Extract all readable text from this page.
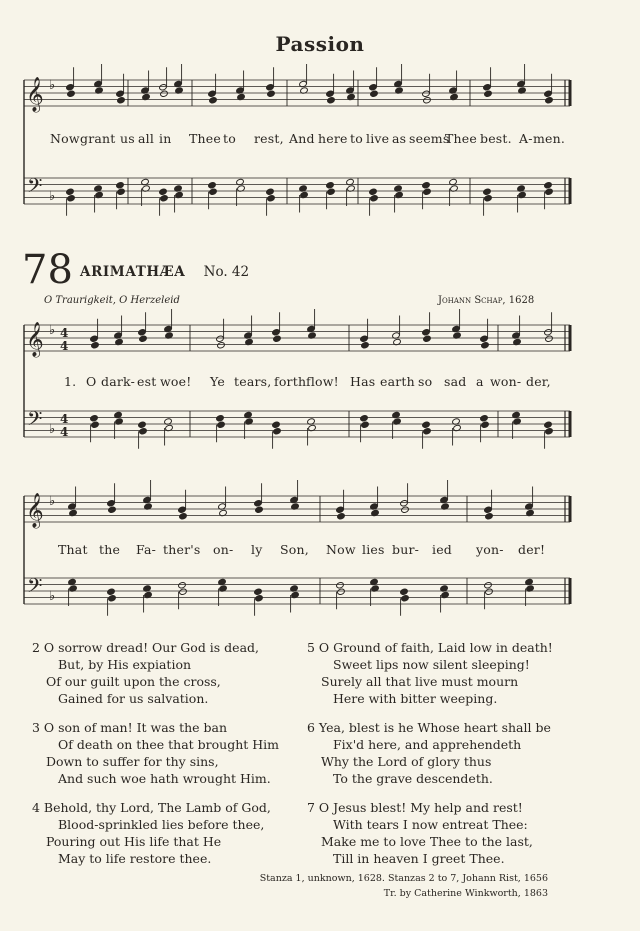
Passion
𝄞
𝄢
♭
♭
𝄞
𝄢
♭
♭
4
4
4
4
𝄞
𝄢
♭
♭
Now grant us all in Thee to rest, And here to live as seems
Thee best. A- men.
78 ARIMATHÆA No. 42
O Traurigkeit, O Herzeleid	Johann Schap, 1628
1. O dark- est woe! Ye tears, forth flow! Has earth so sad a won- der,
That the Fa- ther's on- ly Son, Now lies bur- ied yon- der!
2 O sorrow dread! Our God is dead,
But, by His expiation
Of our guilt upon the cross,
Gained for us salvation.
3 O son of man! It was the ban
Of death on thee that brought Him
Down to suffer for thy sins,
And such woe hath wrought Him.
4 Behold, thy Lord, The Lamb of God,
Blood-sprinkled lies before thee,
Pouring out His life that He
May to life restore thee.
5 O Ground of faith, Laid low in death!
Sweet lips now silent sleeping!
Surely all that live must mourn
Here with bitter weeping.
6 Yea, blest is he Whose heart shall be
Fix'd here, and apprehendeth
Why the Lord of glory thus
To the grave descendeth.
7 O Jesus blest! My help and rest!
With tears I now entreat Thee:
Make me to love Thee to the last,
Till in heaven I greet Thee.
Stanza 1, unknown, 1628. Stanzas 2 to 7, Johann Rist, 1656
Tr. by Catherine Winkworth, 1863
